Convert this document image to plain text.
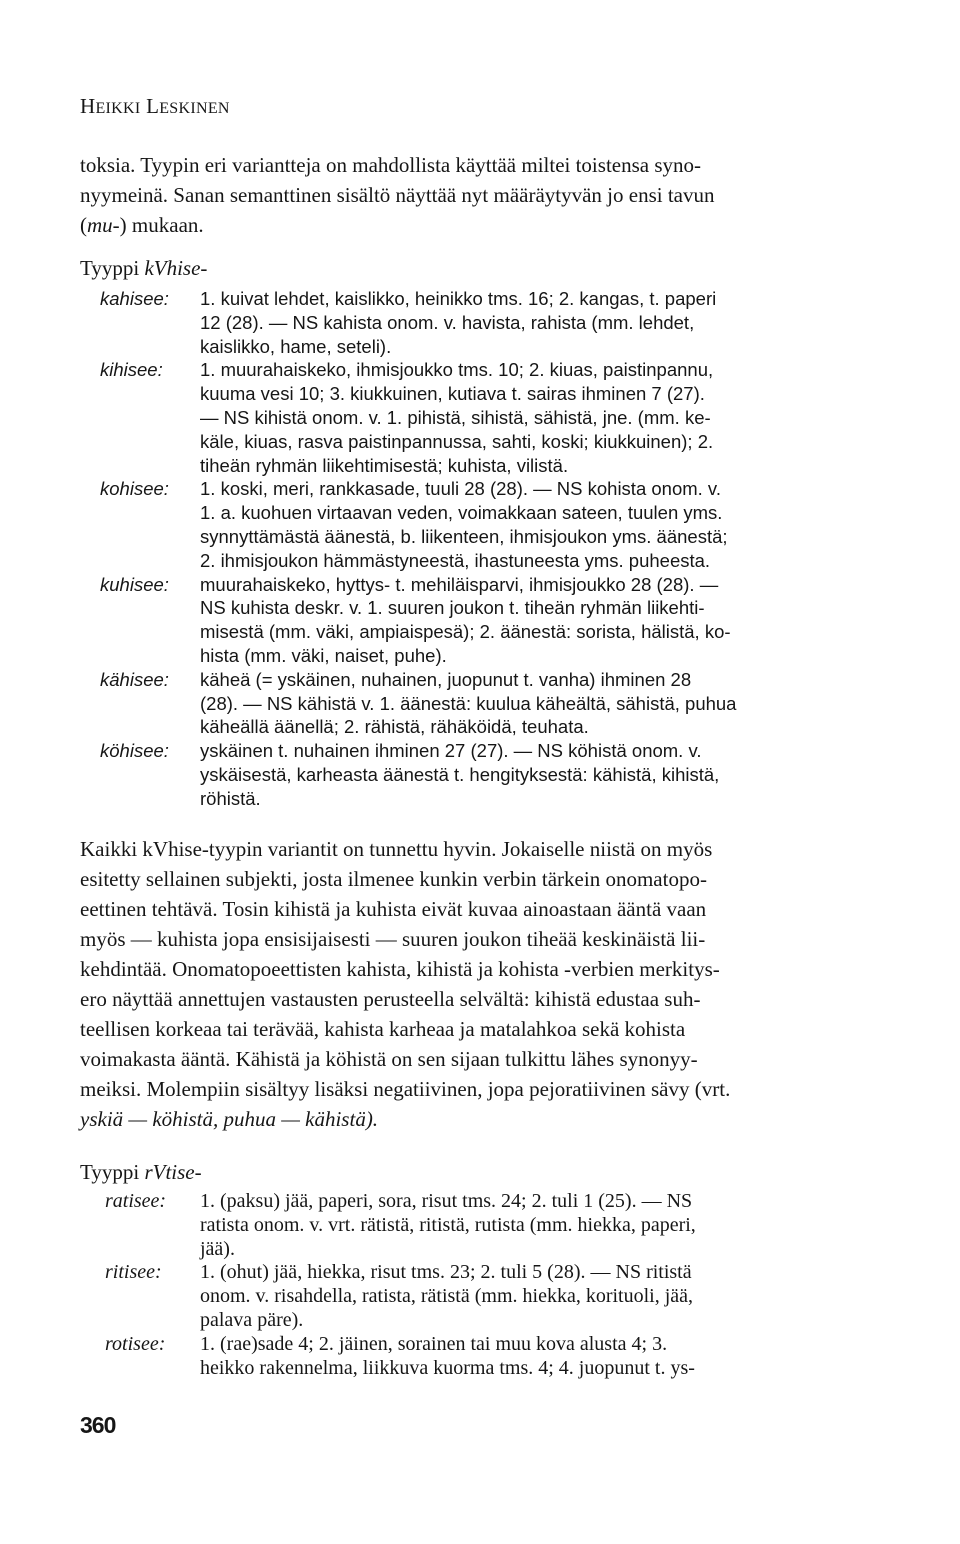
HEIKKI LESKINEN

toksia. Tyypin eri variantteja on mahdollista käyttää miltei toistensa syno-

nyymeinä. Sanan semanttinen sisältö näyttää nyt määräytyvän jo ensi tavun

(mu-) mukaan.

Tyyppi kVhise-
kahisee: 1. kuivat lehdet, kaislikko, heinikko tms. 16; 2. kangas, t. paperi

12 (28). — NS kahista onom. v. havista, rahista (mm. lehdet,

kaislikko, hame, seteli).

kihisee: 1. muurahaiskeko, ihmisjoukko tms. 10; 2. kiuas, paistinpannu,

kuuma vesi 10; 3. kiukkuinen, kutiava t. sairas ihminen 7 (27).

— NS kihistä onom. v. 1. pihistä, sihistä, sähistä, jne. (mm. ke-

käle, kiuas, rasva paistinpannussa, sahti, koski; kiukkuinen); 2.

tiheän ryhmän liikehtimisestä; kuhista, vilistä.

kohisee: 1. koski, meri, rankkasade, tuuli 28 (28). — NS kohista onom. v.

1. a. kuohuen virtaavan veden, voimakkaan sateen, tuulen yms.

synnyttämästä äänestä, b. liikenteen, ihmisjoukon yms. äänestä;

2. ihmisjoukon hämmästyneestä, ihastuneesta yms. puheesta.

kuhisee: muurahaiskeko, hyttys- t. mehiläisparvi, ihmisjoukko 28 (28). —

NS kuhista deskr. v. 1. suuren joukon t. tiheän ryhmän liikehti-

misestä (mm. väki, ampiaispesä); 2. äänestä: sorista, hälistä, ko-

hista (mm. väki, naiset, puhe).

kähisee: käheä (= yskäinen, nuhainen, juopunut t. vanha) ihminen 28

(28). — NS kähistä v. 1. äänestä: kuulua käheältä, sähistä, puhua

käheällä äänellä; 2. rähistä, rähäköidä, teuhata.

köhisee: yskäinen t. nuhainen ihminen 27 (27). — NS köhistä onom. v.

yskäisestä, karheasta äänestä t. hengityksestä: kähistä, kihistä,

röhistä.

Kaikki kVhise-tyypin variantit on tunnettu hyvin. Jokaiselle niistä on myös

esitetty sellainen subjekti, josta ilmenee kunkin verbin tärkein onomatopo-

eettinen tehtävä. Tosin kihistä ja kuhista eivät kuvaa ainoastaan ääntä vaan

myös — kuhista jopa ensisijaisesti — suuren joukon tiheää keskinäistä lii-

kehdintää. Onomatopoeettisten kahista, kihistä ja kohista -verbien merkitys-

ero näyttää annettujen vastausten perusteella selvältä: kihistä edustaa suh-

teellisen korkeaa tai terävää, kahista karheaa ja matalahkoa sekä kohista

voimakasta ääntä. Kähistä ja köhistä on sen sijaan tulkittu lähes synonyy-

meiksi. Molempiin sisältyy lisäksi negatiivinen, jopa pejoratiivinen sävy (vrt.

yskiä — köhistä, puhua — kähistä).

Tyyppi rVtise-
ratisee: 1. (paksu) jää, paperi, sora, risut tms. 24; 2. tuli 1 (25). — NS

ratista onom. v. vrt. rätistä, ritistä, rutista (mm. hiekka, paperi,

jää).

ritisee: 1. (ohut) jää, hiekka, risut tms. 23; 2. tuli 5 (28). — NS ritistä

onom. v. risahdella, ratista, rätistä (mm. hiekka, korituoli, jää,

palava päre).

rotisee: 1. (rae)sade 4; 2. jäinen, sorainen tai muu kova alusta 4; 3.

heikko rakennelma, liikkuva kuorma tms. 4; 4. juopunut t. ys-

360
